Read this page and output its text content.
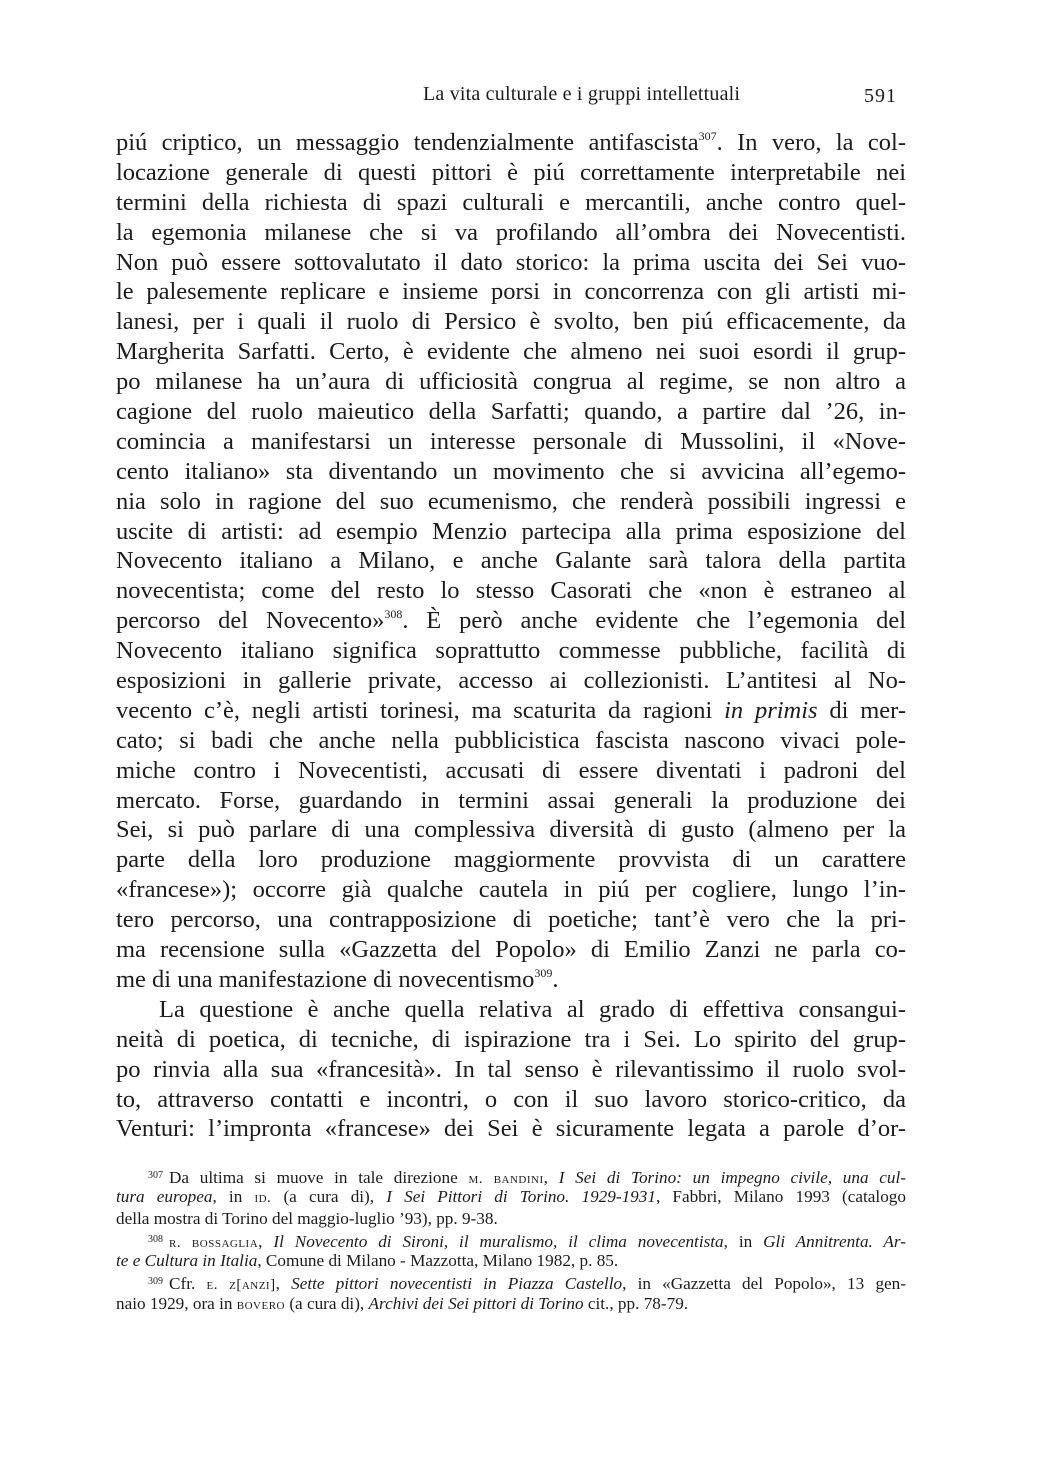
La vita culturale e i gruppi intellettuali	591
piú criptico, un messaggio tendenzialmente antifascista$^{307}$. In vero, la col-
locazione generale di questi pittori è piú correttamente interpretabile nei
termini della richiesta di spazi culturali e mercantili, anche contro quel-
la egemonia milanese che si va profilando all’ombra dei Novecentisti.
Non può essere sottovalutato il dato storico: la prima uscita dei Sei vuo-
le palesemente replicare e insieme porsi in concorrenza con gli artisti mi-
lanesi, per i quali il ruolo di Persico è svolto, ben piú efficacemente, da
Margherita Sarfatti. Certo, è evidente che almeno nei suoi esordi il grup-
po milanese ha un’aura di ufficiosità congrua al regime, se non altro a
cagione del ruolo maieutico della Sarfatti; quando, a partire dal ’26, in-
comincia a manifestarsi un interesse personale di Mussolini, il «Nove-
cento italiano» sta diventando un movimento che si avvicina all’egemo-
nia solo in ragione del suo ecumenismo, che renderà possibili ingressi e
uscite di artisti: ad esempio Menzio partecipa alla prima esposizione del
Novecento italiano a Milano, e anche Galante sarà talora della partita
novecentista; come del resto lo stesso Casorati che «non è estraneo al
percorso del Novecento»$^{308}$. È però anche evidente che l’egemonia del
Novecento italiano significa soprattutto commesse pubbliche, facilità di
esposizioni in gallerie private, accesso ai collezionisti. L’antitesi al No-
vecento c’è, negli artisti torinesi, ma scaturita da ragioni in primis di mer-
cato; si badi che anche nella pubblicistica fascista nascono vivaci pole-
miche contro i Novecentisti, accusati di essere diventati i padroni del
mercato. Forse, guardando in termini assai generali la produzione dei
Sei, si può parlare di una complessiva diversità di gusto (almeno per la
parte della loro produzione maggiormente provvista di un carattere
«francese»); occorre già qualche cautela in piú per cogliere, lungo l’in-
tero percorso, una contrapposizione di poetiche; tant’è vero che la pri-
ma recensione sulla «Gazzetta del Popolo» di Emilio Zanzi ne parla co-
me di una manifestazione di novecentismo$^{309}$.
La questione è anche quella relativa al grado di effettiva consangui-
neità di poetica, di tecniche, di ispirazione tra i Sei. Lo spirito del grup-
po rinvia alla sua «francesità». In tal senso è rilevantissimo il ruolo svol-
to, attraverso contatti e incontri, o con il suo lavoro storico-critico, da
Venturi: l’impronta «francese» dei Sei è sicuramente legata a parole d’or-
$^{307}$ Da ultima si muove in tale direzione m. bandini, I Sei di Torino: un impegno civile, una cul-
tura europea, in id. (a cura di), I Sei Pittori di Torino. 1929-1931, Fabbri, Milano 1993 (catalogo
della mostra di Torino del maggio-luglio ’93), pp. 9-38.
$^{308}$ r. bossaglia, Il Novecento di Sironi, il muralismo, il clima novecentista, in Gli Annitrenta. Ar-
te e Cultura in Italia, Comune di Milano - Mazzotta, Milano 1982, p. 85.
$^{309}$ Cfr. e. z[anzi], Sette pittori novecentisti in Piazza Castello, in «Gazzetta del Popolo», 13 gen-
naio 1929, ora in bovero (a cura di), Archivi dei Sei pittori di Torino cit., pp. 78-79.
